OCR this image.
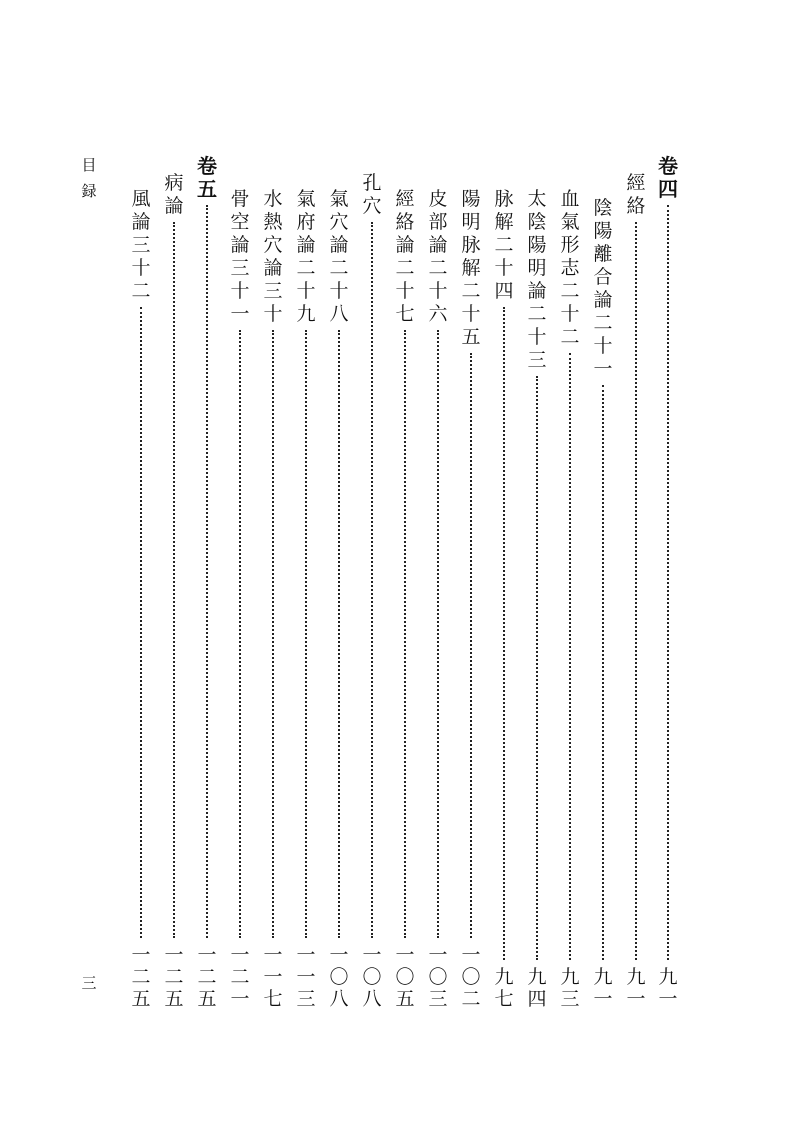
目
録
三
卷
四
九
一
經
絡
九
一
陰
陽
離
合
論
二
十
一
九
一
血
氣
形
志
二
十
二
九
三
太
陰
陽
明
論
二
十
三
九
四
脉
解
二
十
四
九
七
陽
明
脉
解
二
十
五
一
〇
二
皮
部
論
二
十
六
一
〇
三
經
絡
論
二
十
七
一
〇
五
孔
穴
一
〇
八
氣
穴
論
二
十
八
一
〇
八
氣
府
論
二
十
九
一
一
三
水
熱
穴
論
三
十
一
一
七
骨
空
論
三
十
一
一
二
一
卷
五
一
二
五
病
論
一
二
五
風
論
三
十
二
一
二
五
